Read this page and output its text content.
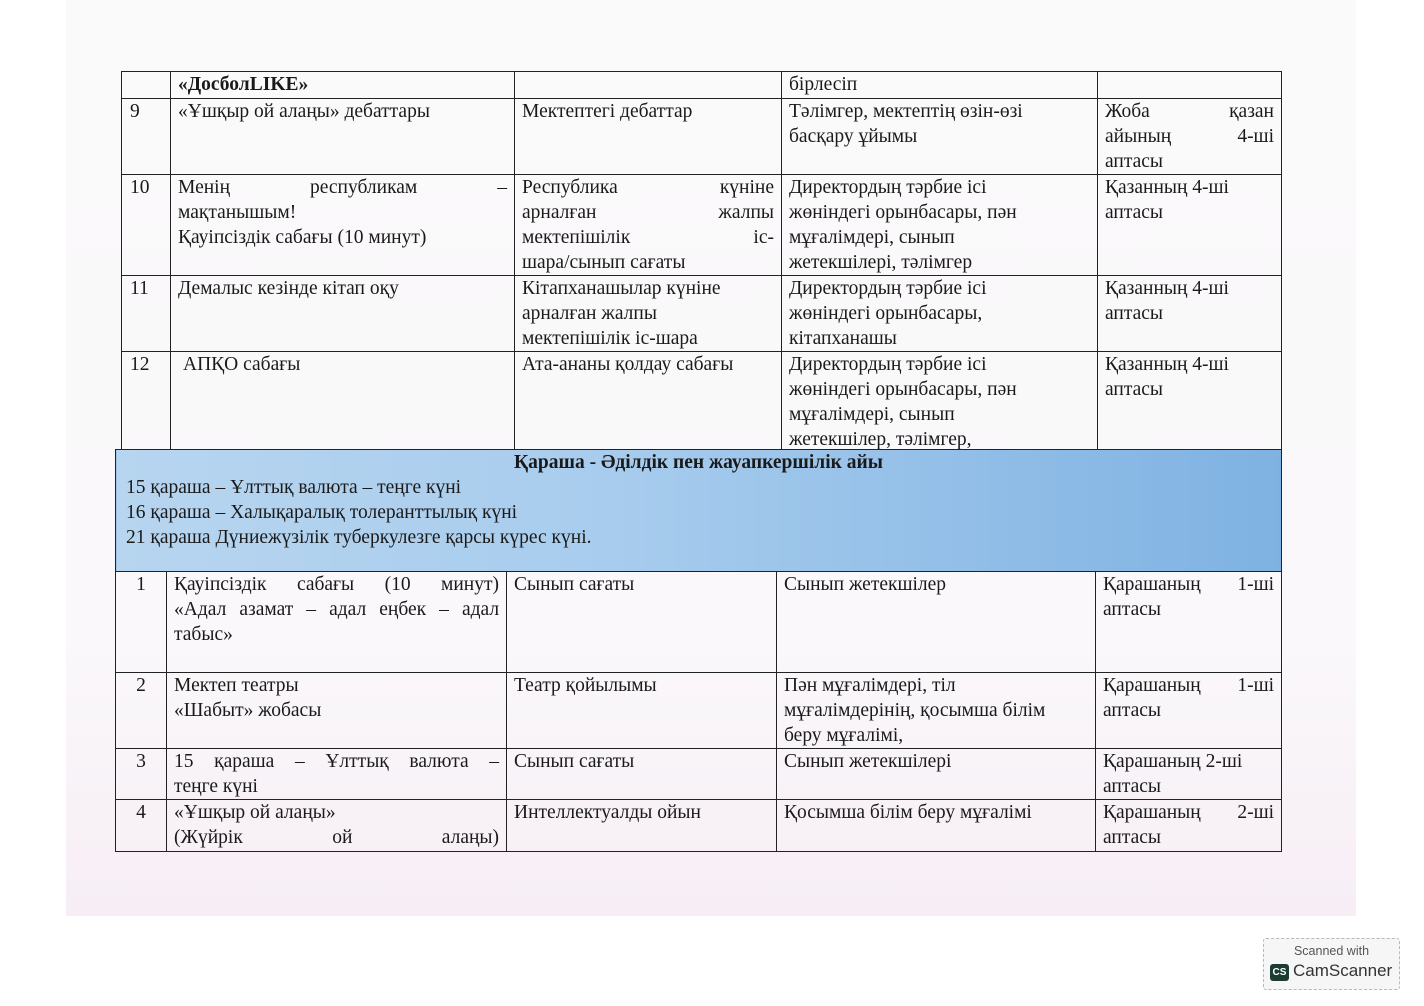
	«ДосболLIKE»		бірлесіп	

9	«Ұшқыр ой алаңы» дебаттары	Мектептегі дебаттар	Тәлімгер, мектептің өзін-өзі
басқару ұйымы	Жоба қазан
айының 4-ші
аптасы

10	Менің республикам –
мақтанышым!
Қауіпсіздік сабағы (10 минут)	Республика күніне
арналған жалпы
мектепішілік іс-
шара/сынып сағаты	Директордың тәрбие ісі
жөніндегі орынбасары, пән
мұғалімдері, сынып
жетекшілері, тәлімгер	Қазанның 4-ші
аптасы

11	Демалыс кезінде кітап оқу	Кітапханашылар күніне
арналған жалпы
мектепішілік іс-шара	Директордың тәрбие ісі
жөніндегі орынбасары,
кітапханашы	Қазанның 4-ші
аптасы

12	АПҚО сабағы	Ата-ананы қолдау сабағы	Директордың тәрбие ісі
жөніндегі орынбасары, пән
мұғалімдері, сынып
жетекшілер, тәлімгер,	Қазанның 4-ші
аптасы
Қараша - Әділдік пен жауапкершілік айы
15 қараша – Ұлттық валюта – теңге күні
16 қараша – Халықаралық толеранттылық күні
21 қараша Дүниежүзілік туберкулезге қарсы күрес күні.				

1	Қауіпсіздік сабағы (10 минут)
«Адал азамат – адал еңбек – адал
табыс»	Сынып сағаты	Сынып жетекшілер	Қарашаның 1-ші
аптасы

2	Мектеп театры
«Шабыт» жобасы	Театр қойылымы	Пән мұғалімдері, тіл
мұғалімдерінің, қосымша білім
беру мұғалімі,	Қарашаның 1-ші
аптасы

3	15 қараша – Ұлттық валюта –
теңге күні	Сынып сағаты	Сынып жетекшілері	Қарашаның 2-ші
аптасы

4	«Ұшқыр ой алаңы»
(Жүйрік ой алаңы)	Интеллектуалды ойын	Қосымша білім беру мұғалімі	Қарашаның 2-ші
аптасы
Scanned with
CS CamScanner
